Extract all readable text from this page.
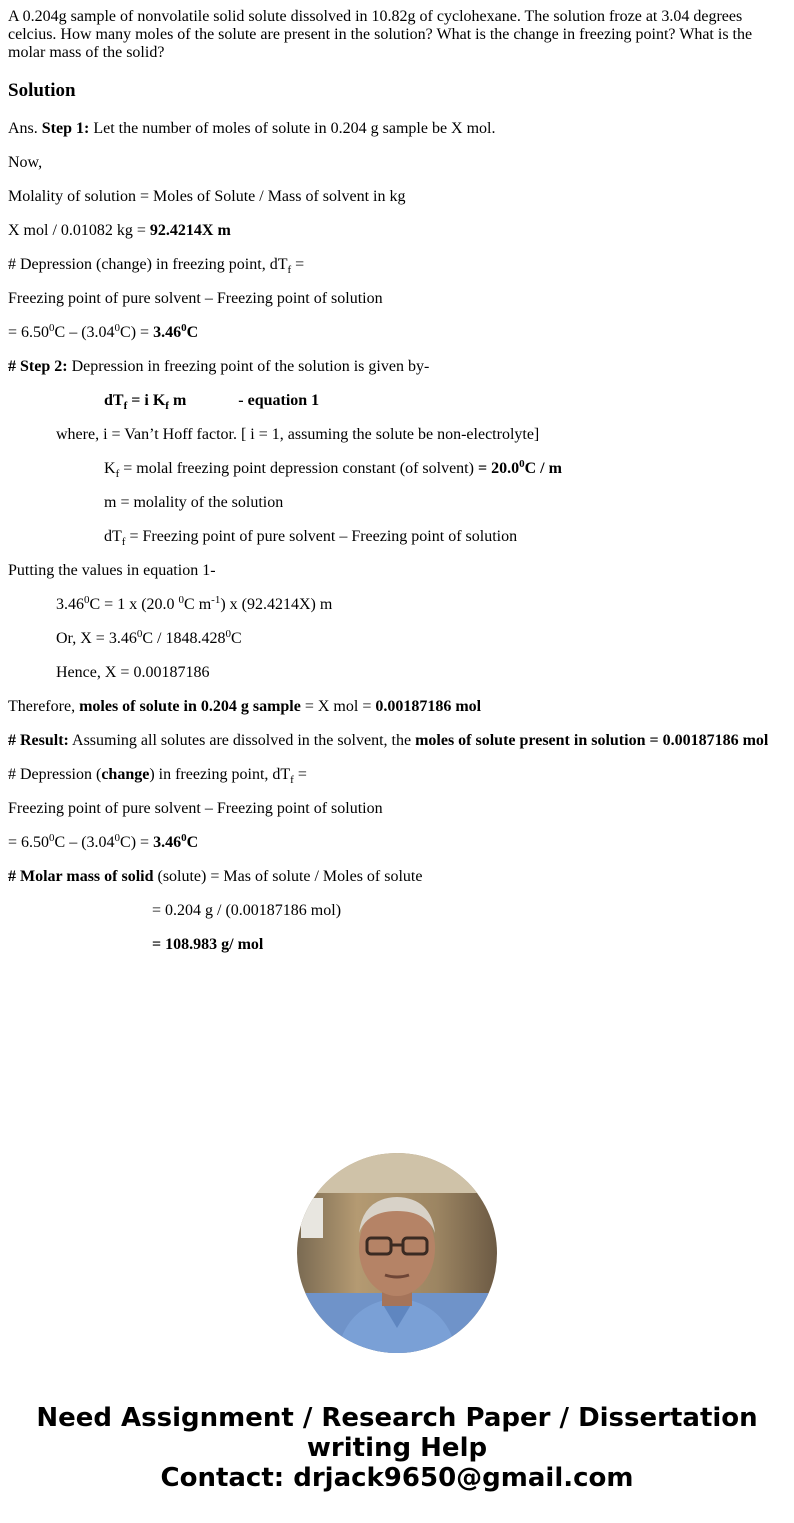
A 0.204g sample of nonvolatile solid solute dissolved in 10.82g of cyclohexane. The solution froze at 3.04 degrees celcius. How many moles of the solute are present in the solution? What is the change in freezing point? What is the molar mass of the solid?

Solution

Ans. Step 1: Let the number of moles of solute in 0.204 g sample be X mol.

Now,

Molality of solution = Moles of Solute / Mass of solvent in kg

X mol / 0.01082 kg = 92.4214X m

# Depression (change) in freezing point, $dT_f$ =

Freezing point of pure solvent – Freezing point of solution

= $6.50^0C - (3.04^0C) = 3.46^0C$

# Step 2: Depression in freezing point of the solution is given by-

$dT_f = i$ $K_f$ m	- equation 1

where, i = Van’t Hoff factor. [ i = 1, assuming the solute be non-electrolyte]

$K_f$ = molal freezing point depression constant (of solvent) = $20.0^0C$ / m

m = molality of the solution

$dT_f$ = Freezing point of pure solvent – Freezing point of solution

Putting the values in equation 1-

$3.46^0C = 1$ x (20.0 $^0$C $m^{-1}$) x (92.4214X) m

Or, $X = 3.46^0C / 1848.428^0C$

Hence, X = 0.00187186

Therefore, moles of solute in 0.204 g sample = X mol = 0.00187186 mol

# Result: Assuming all solutes are dissolved in the solvent, the moles of solute present in solution = 0.00187186 mol

# Depression (change) in freezing point, $dT_f$ =

Freezing point of pure solvent – Freezing point of solution

= $6.50^0C - (3.04^0C) = 3.46^0C$

# Molar mass of solid (solute) = Mas of solute / Moles of solute

= 0.204 g / (0.00187186 mol)

= 108.983 g/ mol

Need Assignment / Research Paper / Dissertation
writing Help
Contact: drjack9650@gmail.com
